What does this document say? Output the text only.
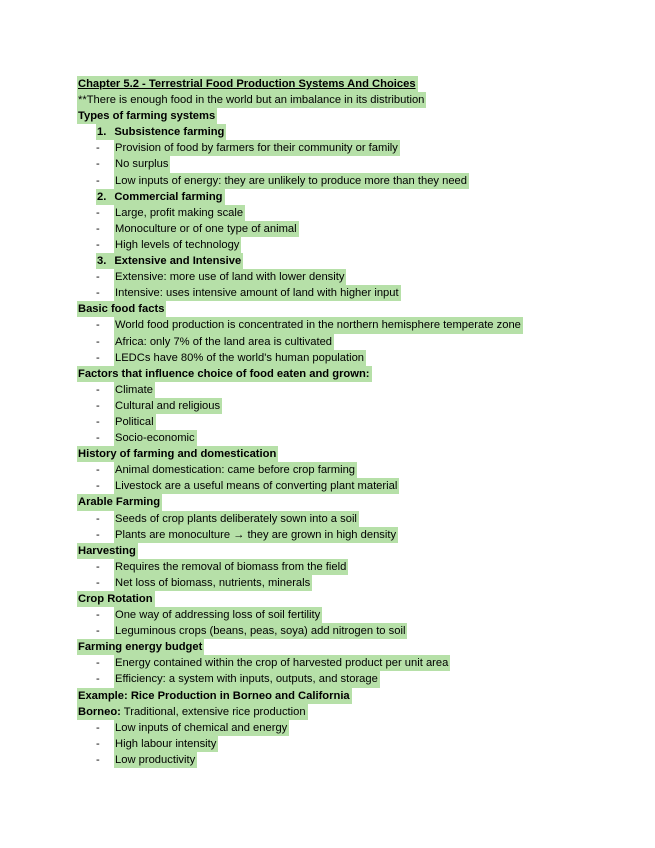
Chapter 5.2 - Terrestrial Food Production Systems And Choices
**There is enough food in the world but an imbalance in its distribution
Types of farming systems
1. Subsistence farming
- Provision of food by farmers for their community or family
- No surplus
- Low inputs of energy: they are unlikely to produce more than they need
2. Commercial farming
- Large, profit making scale
- Monoculture or of one type of animal
- High levels of technology
3. Extensive and Intensive
- Extensive: more use of land with lower density
- Intensive: uses intensive amount of land with higher input
Basic food facts
- World food production is concentrated in the northern hemisphere temperate zone
- Africa: only 7% of the land area is cultivated
- LEDCs have 80% of the world's human population
Factors that influence choice of food eaten and grown:
- Climate
- Cultural and religious
- Political
- Socio-economic
History of farming and domestication
- Animal domestication: came before crop farming
- Livestock are a useful means of converting plant material
Arable Farming
- Seeds of crop plants deliberately sown into a soil
- Plants are monoculture → they are grown in high density
Harvesting
- Requires the removal of biomass from the field
- Net loss of biomass, nutrients, minerals
Crop Rotation
- One way of addressing loss of soil fertility
- Leguminous crops (beans, peas, soya) add nitrogen to soil
Farming energy budget
- Energy contained within the crop of harvested product per unit area
- Efficiency: a system with inputs, outputs, and storage
Example: Rice Production in Borneo and California
Borneo: Traditional, extensive rice production
- Low inputs of chemical and energy
- High labour intensity
- Low productivity
